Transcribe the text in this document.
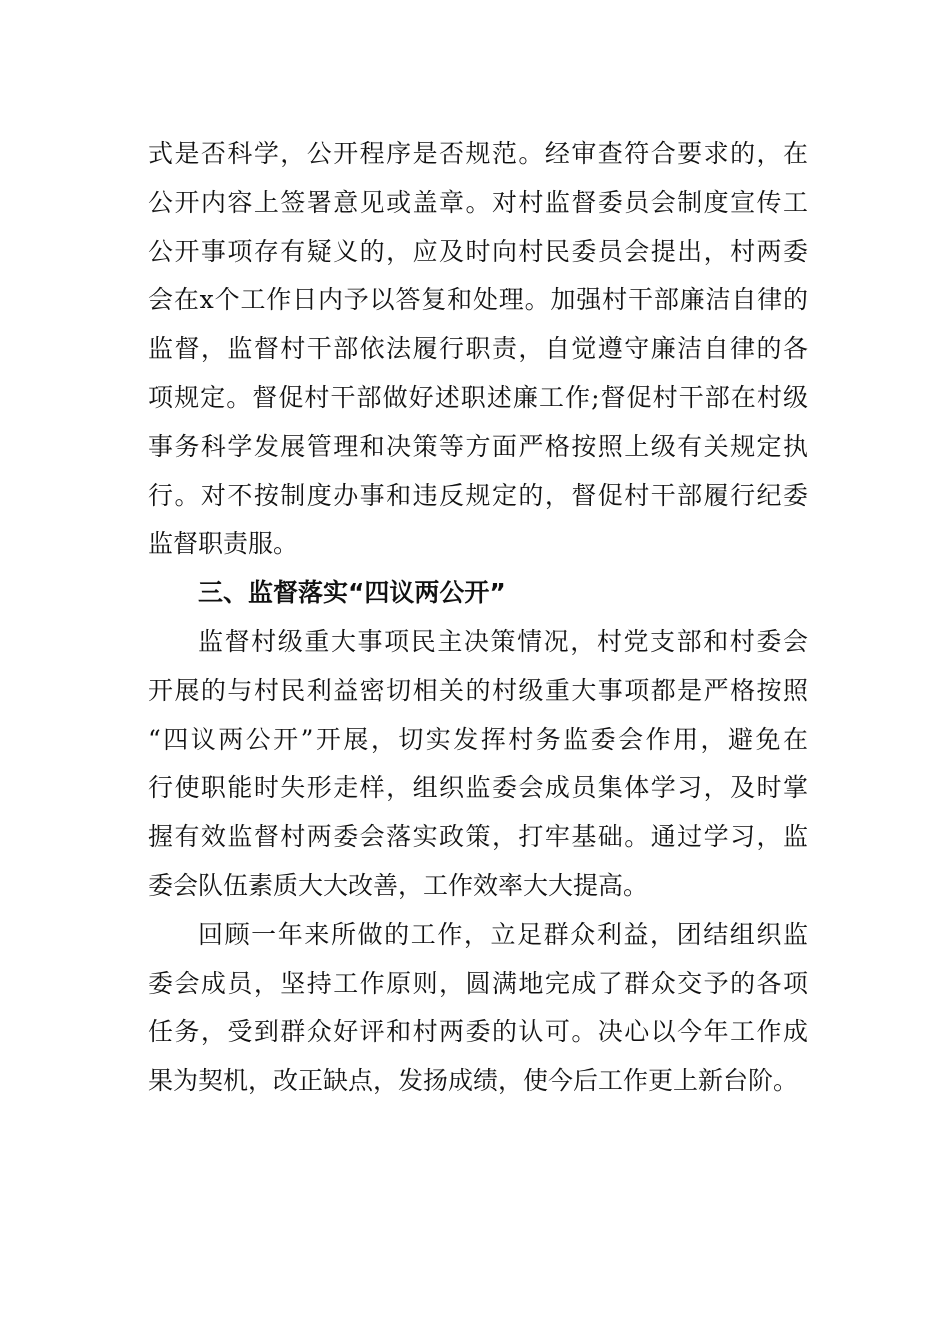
式是否科学，公开程序是否规范。经审查符合要求的，在
公开内容上签署意见或盖章。对村监督委员会制度宣传工
公开事项存有疑义的，应及时向村民委员会提出，村两委
会在x个工作日内予以答复和处理。加强村干部廉洁自律的
监督，监督村干部依法履行职责，自觉遵守廉洁自律的各
项规定。督促村干部做好述职述廉工作;督促村干部在村级
事务科学发展管理和决策等方面严格按照上级有关规定执
行。对不按制度办事和违反规定的，督促村干部履行纪委
监督职责服。
三、监督落实“四议两公开”
监督村级重大事项民主决策情况，村党支部和村委会
开展的与村民利益密切相关的村级重大事项都是严格按照
“四议两公开”开展，切实发挥村务监委会作用，避免在
行使职能时失形走样，组织监委会成员集体学习，及时掌
握有效监督村两委会落实政策，打牢基础。通过学习，监
委会队伍素质大大改善，工作效率大大提高。
回顾一年来所做的工作，立足群众利益，团结组织监
委会成员，坚持工作原则，圆满地完成了群众交予的各项
任务，受到群众好评和村两委的认可。决心以今年工作成
果为契机，改正缺点，发扬成绩，使今后工作更上新台阶。
